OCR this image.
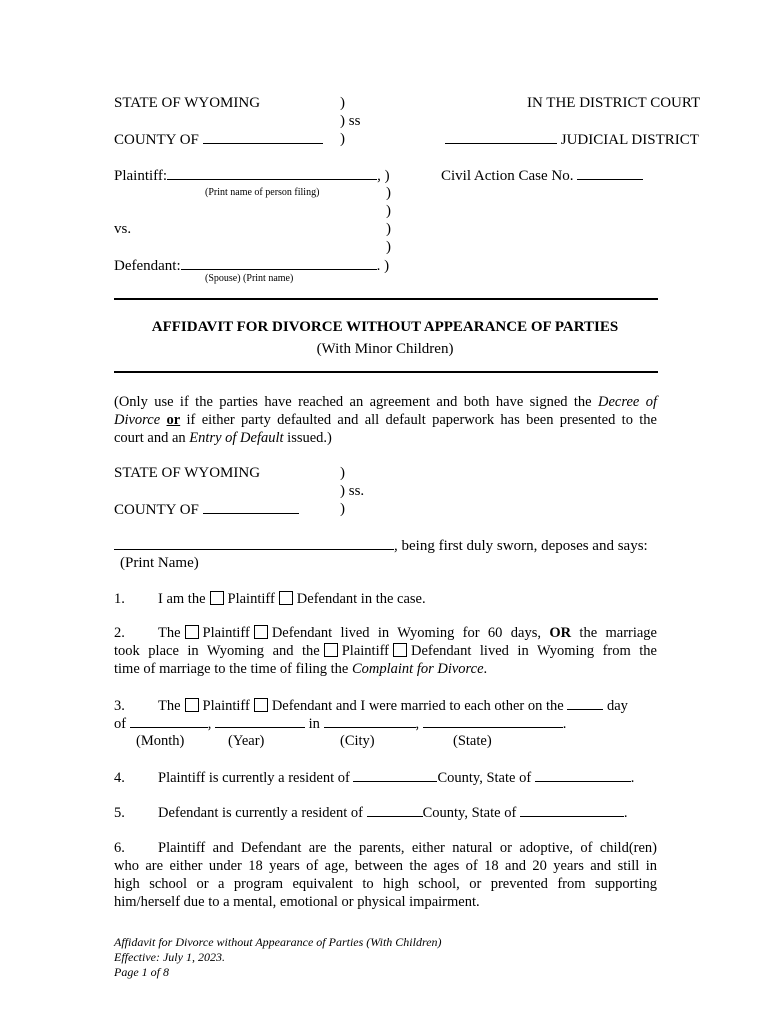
STATE OF WYOMING	)
) ss
)
IN THE DISTRICT COURT
COUNTY OF	JUDICIAL DISTRICT
Plaintiff:	, )	Civil Action Case No.
(Print name of person filing)	)
)
vs.	)
)
Defendant:	. )
(Spouse) (Print name)
AFFIDAVIT FOR DIVORCE WITHOUT APPEARANCE OF PARTIES
(With Minor Children)
(Only use if the parties have reached an agreement and both have signed the Decree of
Divorce or if either party defaulted and all default paperwork has been presented to the
court and an Entry of Default issued.)
STATE OF WYOMING	)
) ss.
)
COUNTY OF
, being first duly sworn, deposes and says:
(Print Name)
1. I am the Plaintiff Defendant in the case.
2. The Plaintiff Defendant lived in Wyoming for 60 days, OR the marriage
took place in Wyoming and the Plaintiff Defendant lived in Wyoming from the
time of marriage to the time of filing the Complaint for Divorce.
3. The Plaintiff Defendant and I were married to each other on the	day
of	,	in	,	.
(Month)	(Year)	(City)	(State)
4. Plaintiff is currently a resident of	County, State of	.
5. Defendant is currently a resident of	County, State of	.
6. Plaintiff and Defendant are the parents, either natural or adoptive, of child(ren)
who are either under 18 years of age, between the ages of 18 and 20 years and still in
high school or a program equivalent to high school, or prevented from supporting
him/herself due to a mental, emotional or physical impairment.
Affidavit for Divorce without Appearance of Parties (With Children)
Effective: July 1, 2023.
Page 1 of 8
